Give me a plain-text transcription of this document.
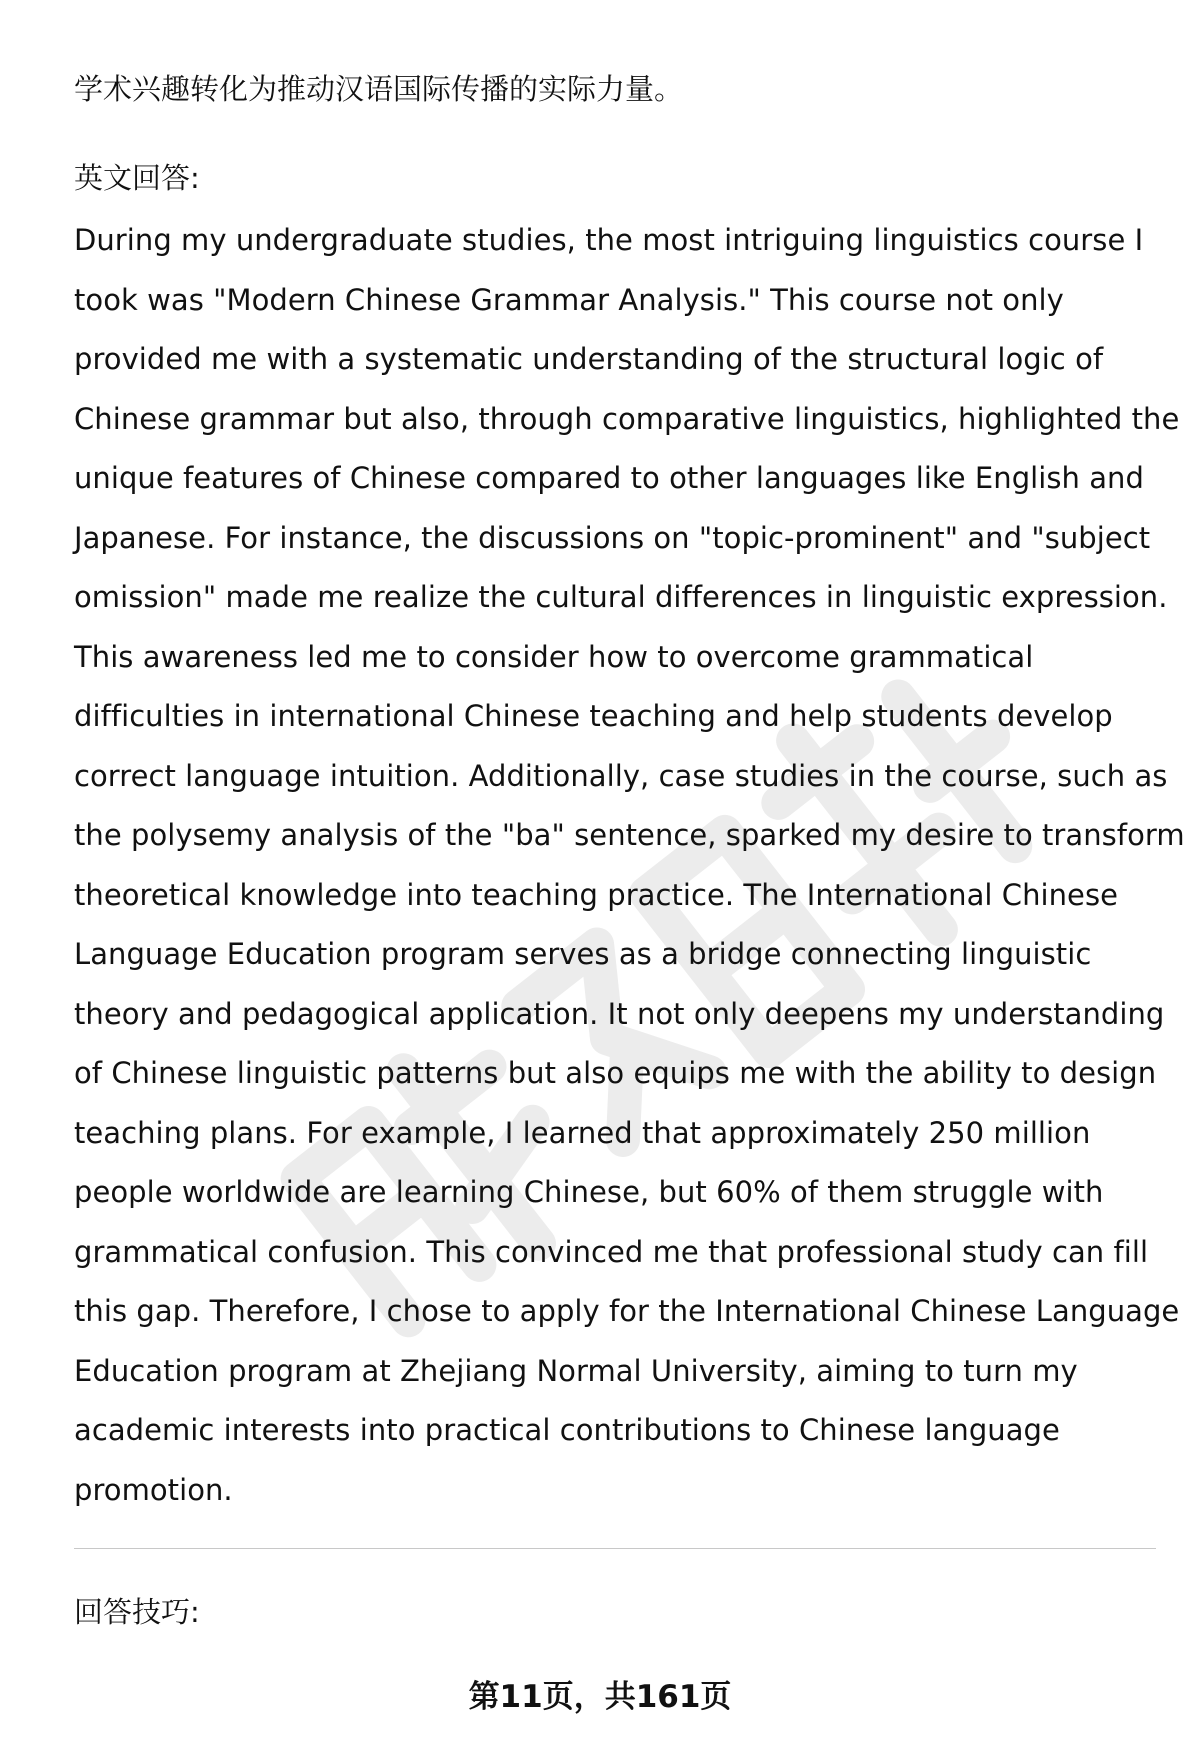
学术兴趣转化为推动汉语国际传播的实际力量。
英文回答:
During my undergraduate studies, the most intriguing linguistics course I
took was "Modern Chinese Grammar Analysis." This course not only
provided me with a systematic understanding of the structural logic of
Chinese grammar but also, through comparative linguistics, highlighted the
unique features of Chinese compared to other languages like English and
Japanese. For instance, the discussions on "topic-prominent" and "subject
omission" made me realize the cultural differences in linguistic expression.
This awareness led me to consider how to overcome grammatical
difficulties in international Chinese teaching and help students develop
correct language intuition. Additionally, case studies in the course, such as
the polysemy analysis of the "ba" sentence, sparked my desire to transform
theoretical knowledge into teaching practice. The International Chinese
Language Education program serves as a bridge connecting linguistic
theory and pedagogical application. It not only deepens my understanding
of Chinese linguistic patterns but also equips me with the ability to design
teaching plans. For example, I learned that approximately 250 million
people worldwide are learning Chinese, but 60% of them struggle with
grammatical confusion. This convinced me that professional study can fill
this gap. Therefore, I chose to apply for the International Chinese Language
Education program at Zhejiang Normal University, aiming to turn my
academic interests into practical contributions to Chinese language
promotion.
回答技巧:
第11页，共161页
